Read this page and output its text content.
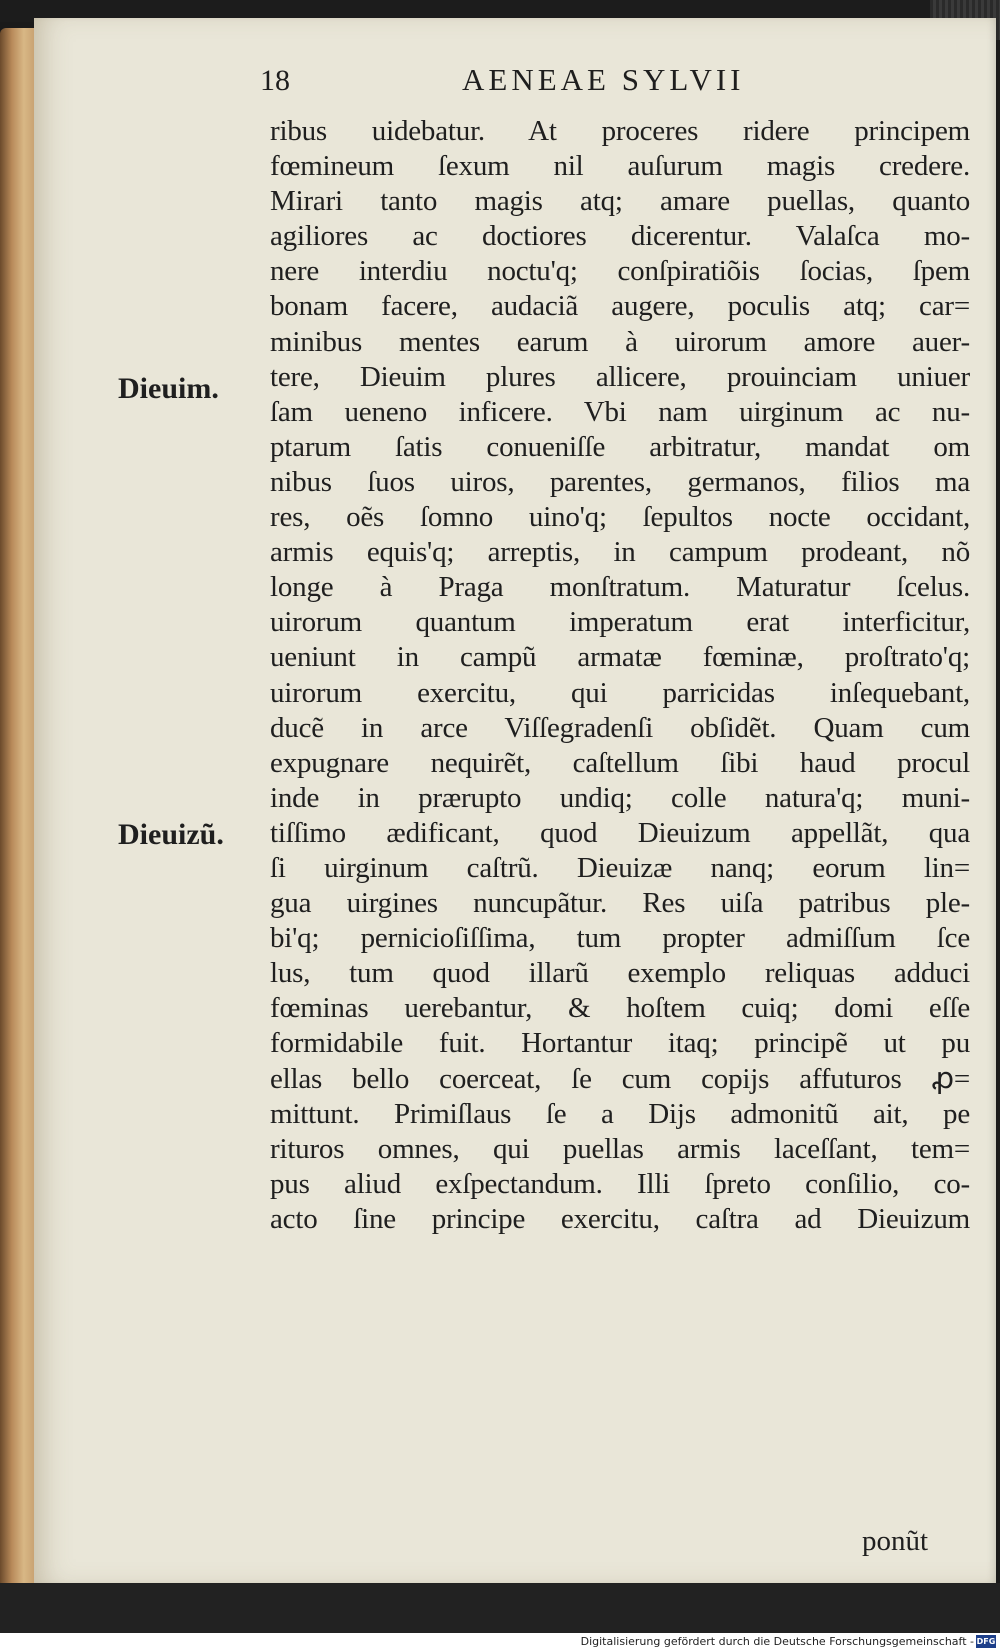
18	AENEAE SYLVII
Dieuim.
Dieuizũ.
ribus uidebatur. At proceres ridere principem
fœmineum ſexum nil auſurum magis credere.
Mirari tanto magis atq; amare puellas, quanto
agiliores ac doctiores dicerentur. Valaſca mo-
nere interdiu noctu'q; conſpiratiõis ſocias, ſpem
bonam facere, audaciã augere, poculis atq; car=
minibus mentes earum à uirorum amore auer-
tere, Dieuim plures allicere, prouinciam uniuer
ſam ueneno inficere. Vbi nam uirginum ac nu-
ptarum ſatis conueniſſe arbitratur, mandat om
nibus ſuos uiros, parentes, germanos, filios ma
res, oẽs ſomno uino'q; ſepultos nocte occidant,
armis equis'q; arreptis, in campum prodeant, nõ
longe à Praga monſtratum. Maturatur ſcelus.
uirorum quantum imperatum erat interficitur,
ueniunt in campũ armatæ fœminæ, proſtrato'q;
uirorum exercitu, qui parricidas inſequebant,
ducẽ in arce Viſſegradenſi obſidẽt. Quam cum
expugnare nequirẽt, caſtellum ſibi haud procul
inde in prærupto undiq; colle natura'q; muni-
tiſſimo ædificant, quod Dieuizum appellãt, qua
ſi uirginum caſtrũ. Dieuizæ nanq; eorum lin=
gua uirgines nuncupãtur. Res uiſa patribus ple-
bi'q; pernicioſiſſima, tum propter admiſſum ſce
lus, tum quod illarũ exemplo reliquas adduci
fœminas uerebantur, & hoſtem cuiq; domi eſſe
formidabile fuit. Hortantur itaq; principẽ ut pu
ellas bello coerceat, ſe cum copijs affuturos ꝓ=
mittunt. Primiſlaus ſe a Dijs admonitũ ait, pe
rituros omnes, qui puellas armis laceſſant, tem=
pus aliud exſpectandum. Illi ſpreto conſilio, co-
acto ſine principe exercitu, caſtra ad Dieuizum
ponũt
Digitalisierung gefördert durch die Deutsche Forschungsgemeinschaft - DFG
